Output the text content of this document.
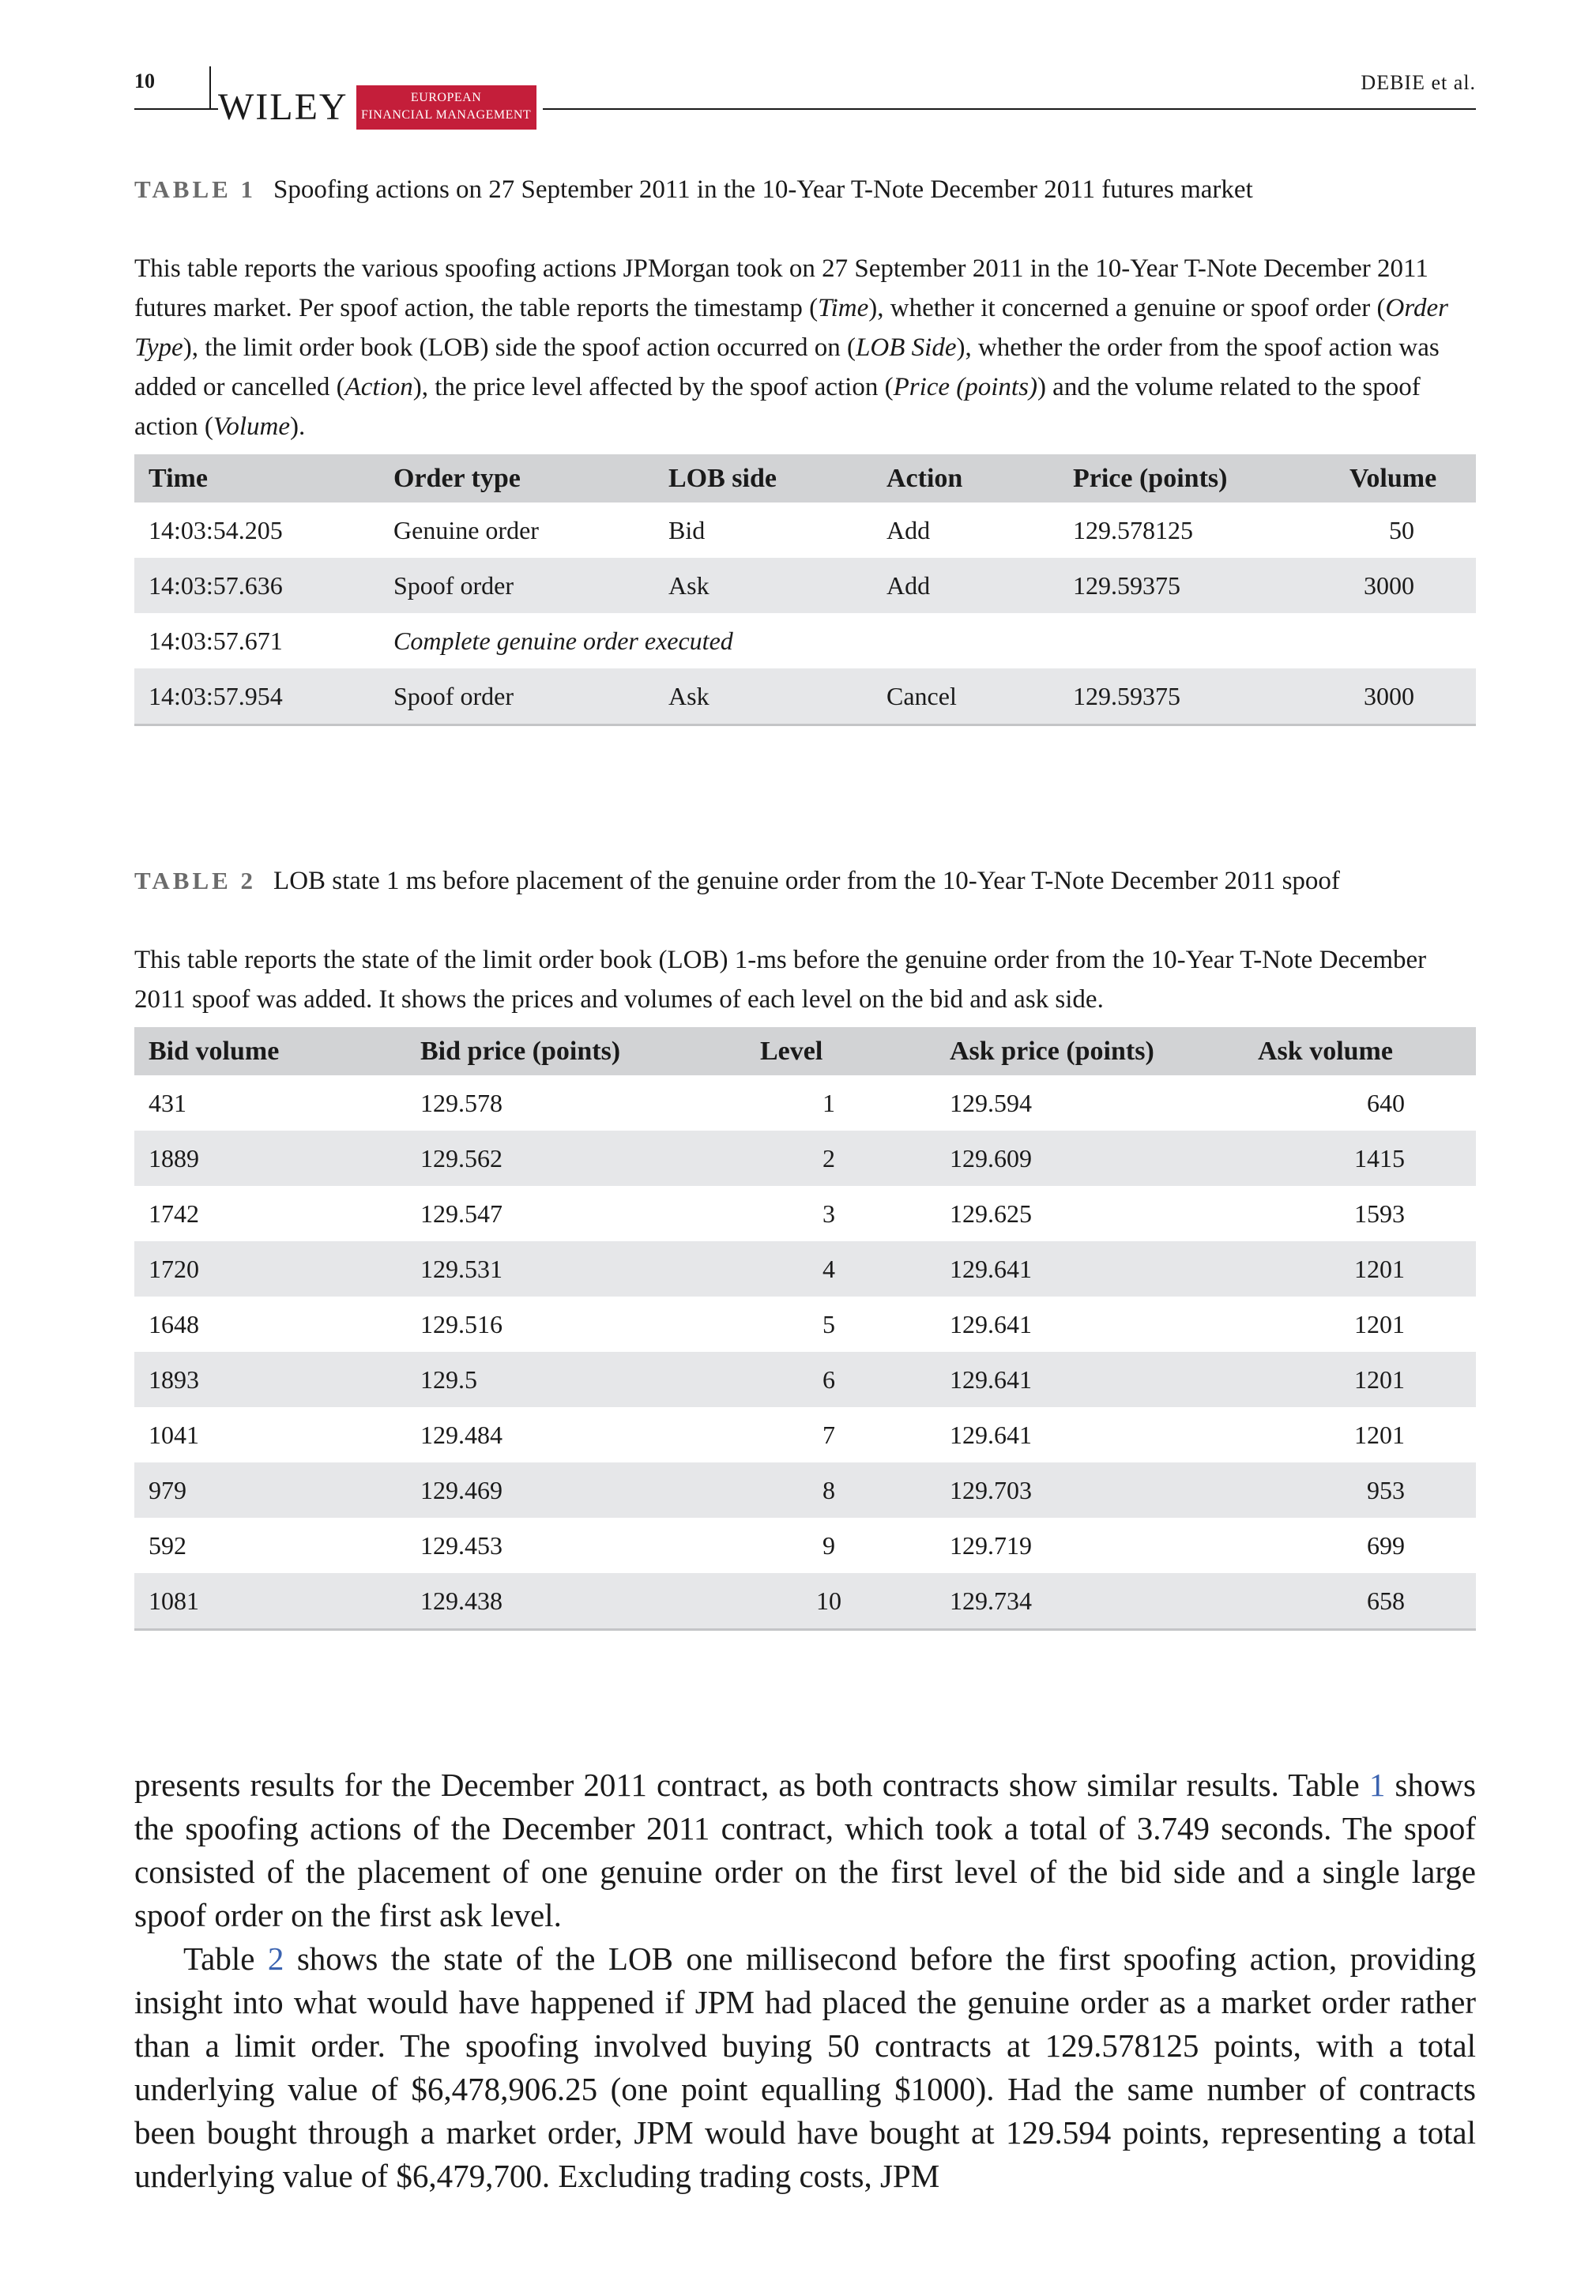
10
WILEY	EUROPEAN
FINANCIAL MANAGEMENT
DEBIE et al.

TABLE 1 Spoofing actions on 27 September 2011 in the 10-Year T-Note December 2011 futures market

This table reports the various spoofing actions JPMorgan took on 27 September 2011 in the 10-Year T-Note December 2011 futures market. Per spoof action, the table reports the timestamp (Time), whether it concerned a genuine or spoof order (Order Type), the limit order book (LOB) side the spoof action occurred on (LOB Side), whether the order from the spoof action was added or cancelled (Action), the price level affected by the spoof action (Price (points)) and the volume related to the spoof action (Volume).

Time	Order type	LOB side	Action	Price (points)	Volume
14:03:54.205	Genuine order	Bid	Add	129.578125	50
14:03:57.636	Spoof order	Ask	Add	129.59375	3000
14:03:57.671	Complete genuine order executed				
14:03:57.954	Spoof order	Ask	Cancel	129.59375	3000

TABLE 2 LOB state 1 ms before placement of the genuine order from the 10-Year T-Note December 2011 spoof

This table reports the state of the limit order book (LOB) 1-ms before the genuine order from the 10-Year T-Note December 2011 spoof was added. It shows the prices and volumes of each level on the bid and ask side.

Bid volume	Bid price (points)	Level	Ask price (points)	Ask volume
431	129.578	1	129.594	640
1889	129.562	2	129.609	1415
1742	129.547	3	129.625	1593
1720	129.531	4	129.641	1201
1648	129.516	5	129.641	1201
1893	129.5	6	129.641	1201
1041	129.484	7	129.641	1201
979	129.469	8	129.703	953
592	129.453	9	129.719	699
1081	129.438	10	129.734	658

presents results for the December 2011 contract, as both contracts show similar results. Table 1 shows the spoofing actions of the December 2011 contract, which took a total of 3.749 seconds. The spoof consisted of the placement of one genuine order on the first level of the bid side and a single large spoof order on the first ask level.

Table 2 shows the state of the LOB one millisecond before the first spoofing action, providing insight into what would have happened if JPM had placed the genuine order as a market order rather than a limit order. The spoofing involved buying 50 contracts at 129.578125 points, with a total underlying value of $6,478,906.25 (one point equalling $1000). Had the same number of contracts been bought through a market order, JPM would have bought at 129.594 points, representing a total underlying value of $6,479,700. Excluding trading costs, JPM
